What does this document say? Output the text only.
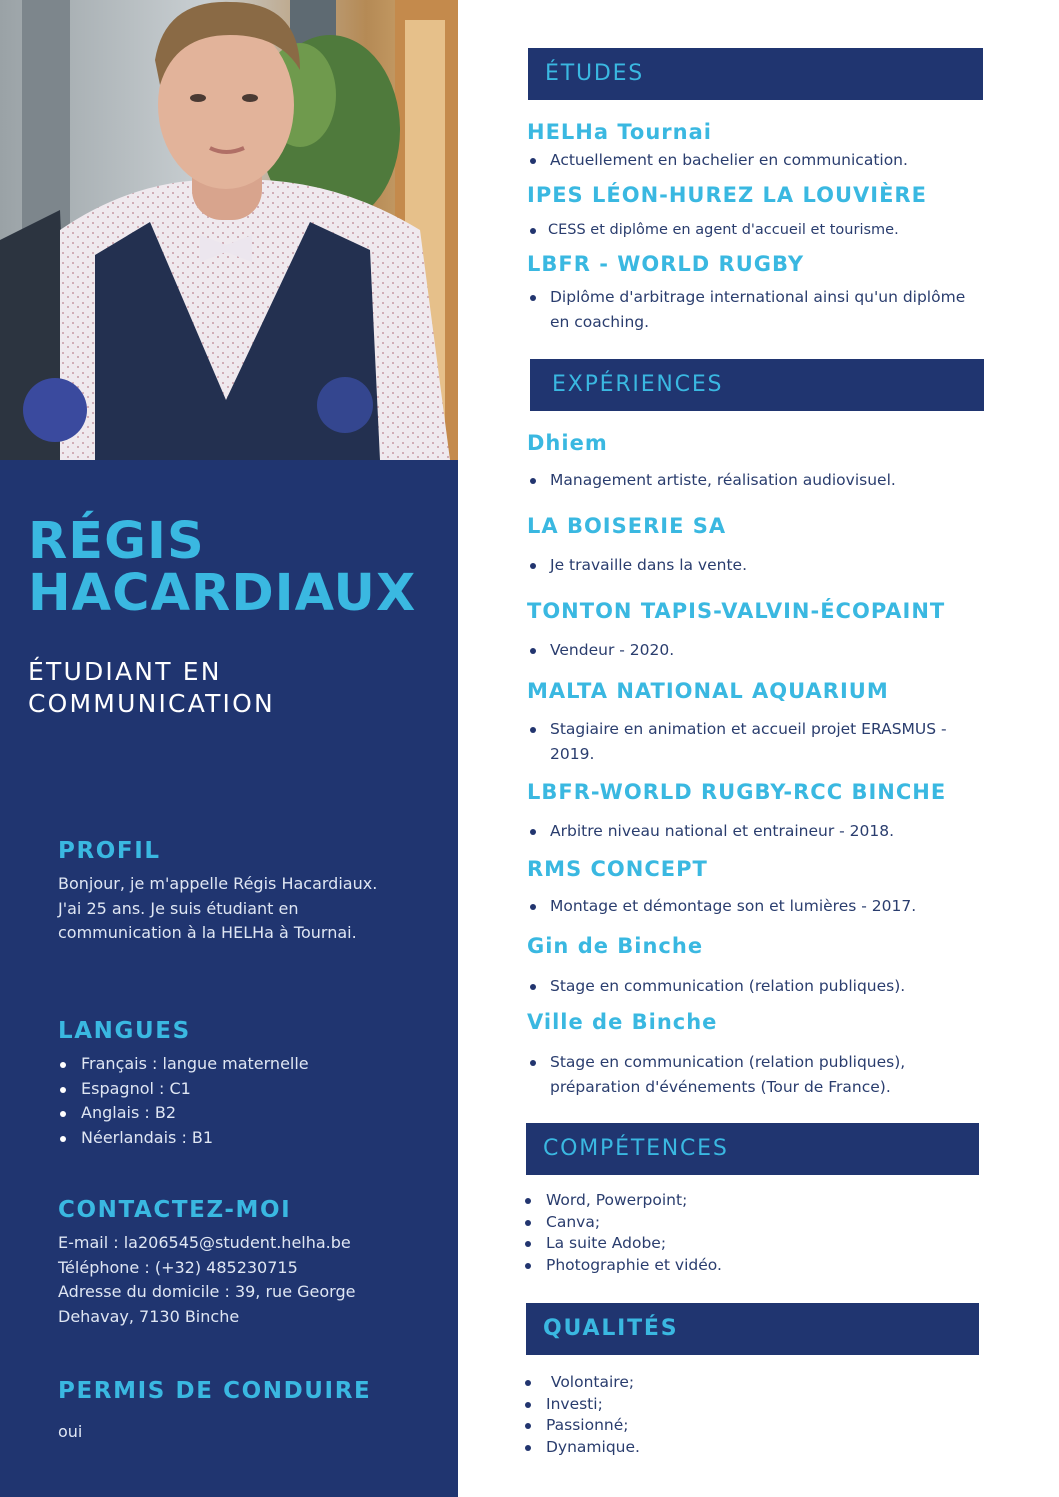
RÉGIS
HACARDIAUX
ÉTUDIANT EN
COMMUNICATION
PROFIL
Bonjour, je m'appelle Régis Hacardiaux.
J'ai 25 ans. Je suis étudiant en
communication à la HELHa à Tournai.
LANGUES
Français : langue maternelle
Espagnol : C1
Anglais : B2
Néerlandais : B1
CONTACTEZ-MOI
E-mail : la206545@student.helha.be
Téléphone : (+32) 485230715
Adresse du domicile : 39, rue George
Dehavay, 7130 Binche
PERMIS DE CONDUIRE
oui
ÉTUDES
HELHa Tournai
Actuellement en bachelier en communication.
IPES LÉON-HUREZ LA LOUVIÈRE
CESS et diplôme en agent d'accueil et tourisme.
LBFR - WORLD RUGBY
Diplôme d'arbitrage international ainsi qu'un diplôme
en coaching.
EXPÉRIENCES
Dhiem
Management artiste, réalisation audiovisuel.
LA BOISERIE SA
Je travaille dans la vente.
TONTON TAPIS-VALVIN-ÉCOPAINT
Vendeur - 2020.
MALTA NATIONAL AQUARIUM
Stagiaire en animation et accueil projet ERASMUS -
2019.
LBFR-WORLD RUGBY-RCC BINCHE
Arbitre niveau national et entraineur - 2018.
RMS CONCEPT
Montage et démontage son et lumières - 2017.
Gin de Binche
Stage en communication (relation publiques).
Ville de Binche
Stage en communication (relation publiques),
préparation d'événements (Tour de France).
COMPÉTENCES
Word, Powerpoint;
Canva;
La suite Adobe;
Photographie et vidéo.
QUALITÉS
Volontaire;
Investi;
Passionné;
Dynamique.
